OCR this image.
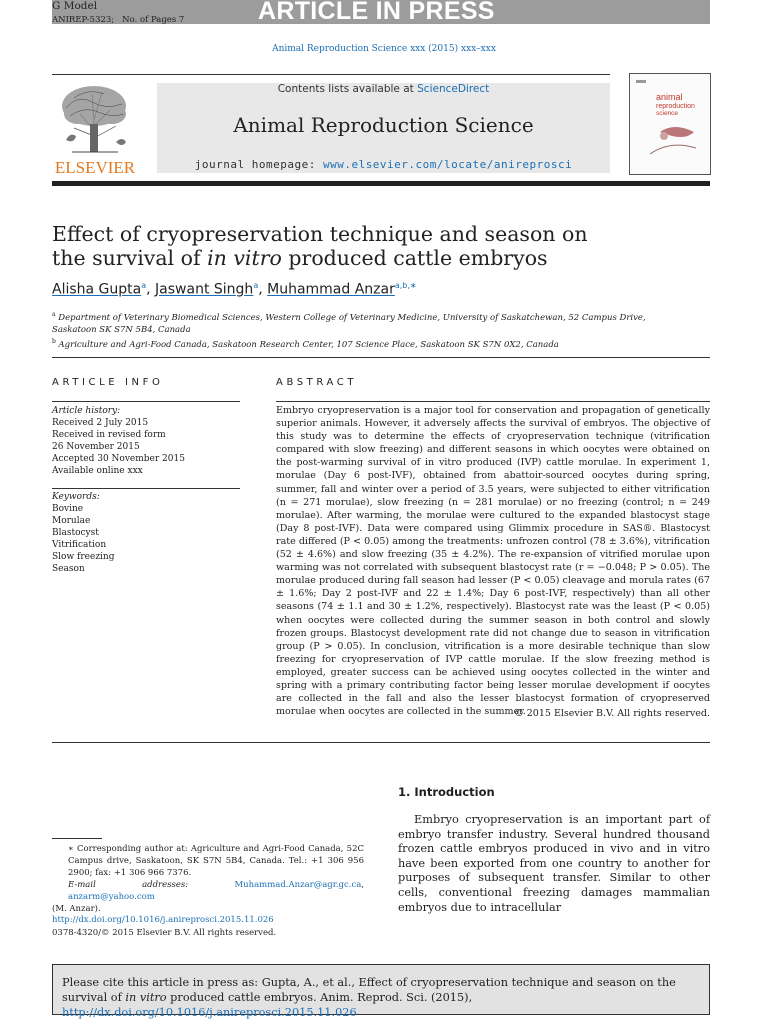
ARTICLE IN PRESS
G Model
ANIREP-5323; No. of Pages 7
Animal Reproduction Science xxx (2015) xxx–xxx
ELSEVIER
Contents lists available at ScienceDirect
Animal Reproduction Science
journal homepage: www.elsevier.com/locate/anireprosci
animal
reproduction
science
Effect of cryopreservation technique and season on the survival of in vitro produced cattle embryos
Alisha Gupta$^a$, Jaswant Singh$^a$, Muhammad Anzar$^{a,b,∗}$
$^a$ Department of Veterinary Biomedical Sciences, Western College of Veterinary Medicine, University of Saskatchewan, 52 Campus Drive, Saskatoon SK S7N 5B4, Canada
$^b$ Agriculture and Agri-Food Canada, Saskatoon Research Center, 107 Science Place, Saskatoon SK S7N 0X2, Canada
ARTICLE INFO	ABSTRACT
Article history:
Received 2 July 2015
Received in revised form
26 November 2015
Accepted 30 November 2015
Available online xxx
Keywords:
Bovine
Morulae
Blastocyst
Vitrification
Slow freezing
Season
Embryo cryopreservation is a major tool for conservation and propagation of genetically superior animals. However, it adversely affects the survival of embryos. The objective of this study was to determine the effects of cryopreservation technique (vitrification compared with slow freezing) and different seasons in which oocytes were obtained on the post-warming survival of in vitro produced (IVP) cattle morulae. In experiment 1, morulae (Day 6 post-IVF), obtained from abattoir-sourced oocytes during spring, summer, fall and winter over a period of 3.5 years, were subjected to either vitrification (n = 271 morulae), slow freezing (n = 281 morulae) or no freezing (control; n = 249 morulae). After warming, the morulae were cultured to the expanded blastocyst stage (Day 8 post-IVF). Data were compared using Glimmix procedure in SAS®. Blastocyst rate differed (P < 0.05) among the treatments: unfrozen control (78 ± 3.6%), vitrification (52 ± 4.6%) and slow freezing (35 ± 4.2%). The re-expansion of vitrified morulae upon warming was not correlated with subsequent blastocyst rate (r = −0.048; P > 0.05). The morulae produced during fall season had lesser (P < 0.05) cleavage and morula rates (67 ± 1.6%; Day 2 post-IVF and 22 ± 1.4%; Day 6 post-IVF, respectively) than all other seasons (74 ± 1.1 and 30 ± 1.2%, respectively). Blastocyst rate was the least (P < 0.05) when oocytes were collected during the summer season in both control and slowly frozen groups. Blastocyst development rate did not change due to season in vitrification group (P > 0.05). In conclusion, vitrification is a more desirable technique than slow freezing for cryopreservation of IVP cattle morulae. If the slow freezing method is employed, greater success can be achieved using oocytes collected in the winter and spring with a primary contributing factor being lesser morulae development if oocytes are collected in the fall and also the lesser blastocyst formation of cryopreserved morulae when oocytes are collected in the summer.
© 2015 Elsevier B.V. All rights reserved.
1. Introduction
Embryo cryopreservation is an important part of embryo transfer industry. Several hundred thousand frozen cattle embryos produced in vivo and in vitro have been exported from one country to another for purposes of subsequent transfer. Similar to other cells, conventional freezing damages mammalian embryos due to intracellular
∗ Corresponding author at: Agriculture and Agri-Food Canada, 52C Campus drive, Saskatoon, SK S7N 5B4, Canada. Tel.: +1 306 956 2900; fax: +1 306 966 7376.
E-mail addresses: Muhammad.Anzar@agr.gc.ca, anzarm@yahoo.com
(M. Anzar).
http://dx.doi.org/10.1016/j.anireprosci.2015.11.026
0378-4320/© 2015 Elsevier B.V. All rights reserved.
Please cite this article in press as: Gupta, A., et al., Effect of cryopreservation technique and season on the survival of in vitro produced cattle embryos. Anim. Reprod. Sci. (2015), http://dx.doi.org/10.1016/j.anireprosci.2015.11.026
